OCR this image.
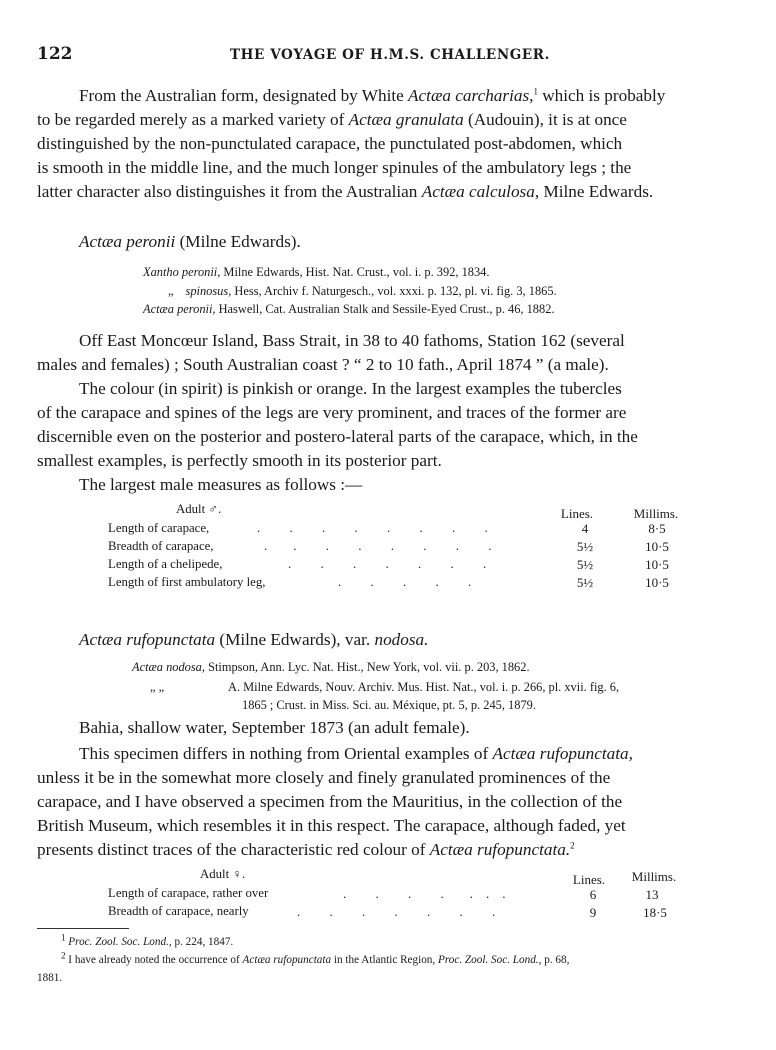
122	THE VOYAGE OF H.M.S. CHALLENGER.
From the Australian form, designated by White Actæa carcharias,$^1$ which is probably
to be regarded merely as a marked variety of Actæa granulata (Audouin), it is at once
distinguished by the non-punctulated carapace, the punctulated post-abdomen, which
is smooth in the middle line, and the much longer spinules of the ambulatory legs ; the
latter character also distinguishes it from the Australian Actæa calculosa, Milne Edwards.
Actæa peronii (Milne Edwards).
Xantho peronii, Milne Edwards, Hist. Nat. Crust., vol. i. p. 392, 1834.
„ spinosus, Hess, Archiv f. Naturgesch., vol. xxxi. p. 132, pl. vi. fig. 3, 1865.
Actæa peronii, Haswell, Cat. Australian Stalk and Sessile-Eyed Crust., p. 46, 1882.
Off East Moncœur Island, Bass Strait, in 38 to 40 fathoms, Station 162 (several
males and females) ; South Australian coast ? “ 2 to 10 fath., April 1874 ” (a male).
The colour (in spirit) is pinkish or orange. In the largest examples the tubercles
of the carapace and spines of the legs are very prominent, and traces of the former are
discernible even on the posterior and postero-lateral parts of the carapace, which, in the
smallest examples, is perfectly smooth in its posterior part.
The largest male measures as follows :—
Adult ♂.	Lines.	Millims.
Length of carapace,	.         .         .         .         .         .         .         .	4	8·5
Breadth of carapace,	.        .         .         .         .         .         .         .	5½	10·5
Length of a chelipede,	.         .         .         .         .         .         .	5½	10·5
Length of first ambulatory leg,	.         .         .         .         .	5½	10·5
Actæa rufopunctata (Milne Edwards), var. nodosa.
Actæa nodosa, Stimpson, Ann. Lyc. Nat. Hist., New York, vol. vii. p. 203, 1862.
„ „	A. Milne Edwards, Nouv. Archiv. Mus. Hist. Nat., vol. i. p. 266, pl. xvii. fig. 6,
1865 ; Crust. in Miss. Sci. au. Méxique, pt. 5, p. 245, 1879.
Bahia, shallow water, September 1873 (an adult female).
This specimen differs in nothing from Oriental examples of Actæa rufopunctata,
unless it be in the somewhat more closely and finely granulated prominences of the
carapace, and I have observed a specimen from the Mauritius, in the collection of the
British Museum, which resembles it in this respect. The carapace, although faded, yet
presents distinct traces of the characteristic red colour of Actæa rufopunctata.$^2$
Adult ♀.	Lines.	Millims.
Length of carapace, rather over	.         .         .         .        .    .    .	6	13
Breadth of carapace, nearly	.         .         .         .         .         .         .	9	18·5
$^1$ Proc. Zool. Soc. Lond., p. 224, 1847.
$^2$ I have already noted the occurrence of Actæa rufopunctata in the Atlantic Region, Proc. Zool. Soc. Lond., p. 68,
1881.
